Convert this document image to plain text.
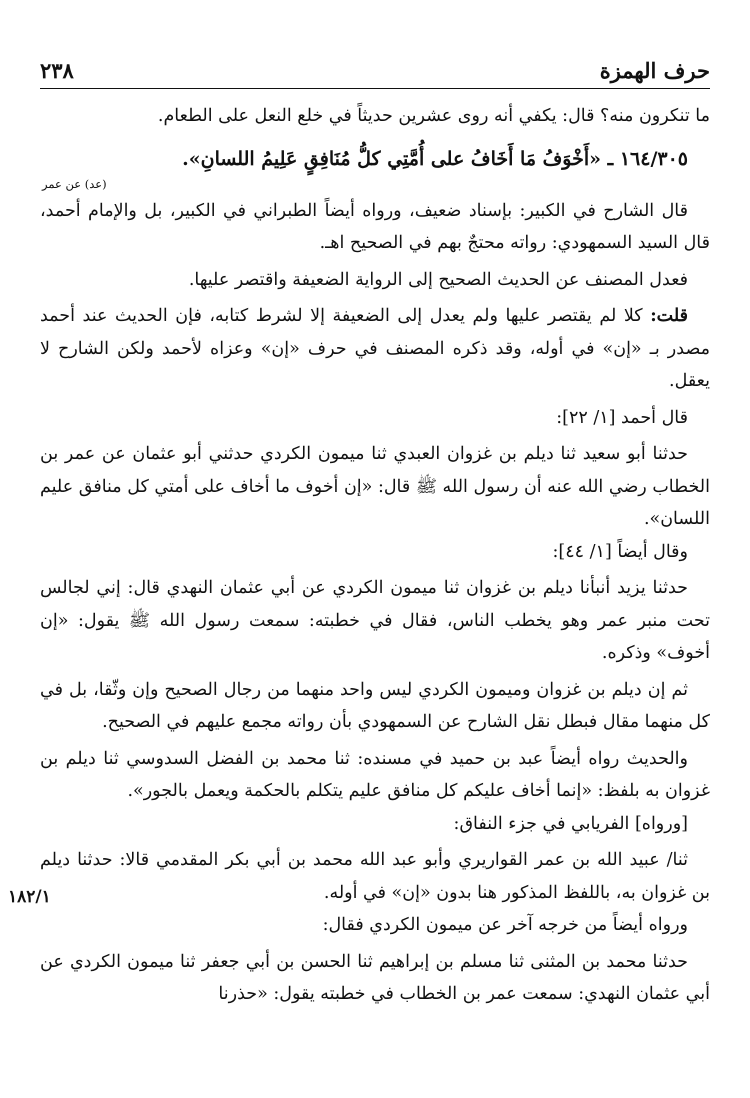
حرف الهمزة
٢٣٨
١٨٢/١

ما تنكرون منه؟ قال: يكفي أنه روى عشرين حديثاً في خلع النعل على الطعام.

١٦٤/٣٠٥ ـ «أَخْوَفُ مَا أَخَافُ على أُمَّتِي كلُّ مُنَافِقٍ عَلِيمُ اللسانِ».

(عد) عن عمر

قال الشارح في الكبير: بإسناد ضعيف، ورواه أيضاً الطبراني في الكبير، بل والإمام أحمد، قال السيد السمهودي: رواته محتجٌ بهم في الصحيح اهـ.

فعدل المصنف عن الحديث الصحيح إلى الرواية الضعيفة واقتصر عليها.

قلت: كلا لم يقتصر عليها ولم يعدل إلى الضعيفة إلا لشرط كتابه، فإن الحديث عند أحمد مصدر بـ «إن» في أوله، وقد ذكره المصنف في حرف «إن» وعزاه لأحمد ولكن الشارح لا يعقل.

قال أحمد [١/ ٢٢]:

حدثنا أبو سعيد ثنا ديلم بن غزوان العبدي ثنا ميمون الكردي حدثني أبو عثمان عن عمر بن الخطاب رضي الله عنه أن رسول الله ﷺ قال: «إن أخوف ما أخاف على أمتي كل منافق عليم اللسان».

وقال أيضاً [١/ ٤٤]:

حدثنا يزيد أنبأنا ديلم بن غزوان ثنا ميمون الكردي عن أبي عثمان النهدي قال: إني لجالس تحت منبر عمر وهو يخطب الناس، فقال في خطبته: سمعت رسول الله ﷺ يقول: «إن أخوف» وذكره.

ثم إن ديلم بن غزوان وميمون الكردي ليس واحد منهما من رجال الصحيح وإن وثّقا، بل في كل منهما مقال فبطل نقل الشارح عن السمهودي بأن رواته مجمع عليهم في الصحيح.

والحديث رواه أيضاً عبد بن حميد في مسنده: ثنا محمد بن الفضل السدوسي ثنا ديلم بن غزوان به بلفظ: «إنما أخاف عليكم كل منافق عليم يتكلم بالحكمة ويعمل بالجور».

[ورواه] الفريابي في جزء النفاق:

ثنا/ عبيد الله بن عمر القواريري وأبو عبد الله محمد بن أبي بكر المقدمي قالا: حدثنا ديلم بن غزوان به، باللفظ المذكور هنا بدون «إن» في أوله.

ورواه أيضاً من خرجه آخر عن ميمون الكردي فقال:

حدثنا محمد بن المثنى ثنا مسلم بن إبراهيم ثنا الحسن بن أبي جعفر ثنا ميمون الكردي عن أبي عثمان النهدي: سمعت عمر بن الخطاب في خطبته يقول: «حذرنا
